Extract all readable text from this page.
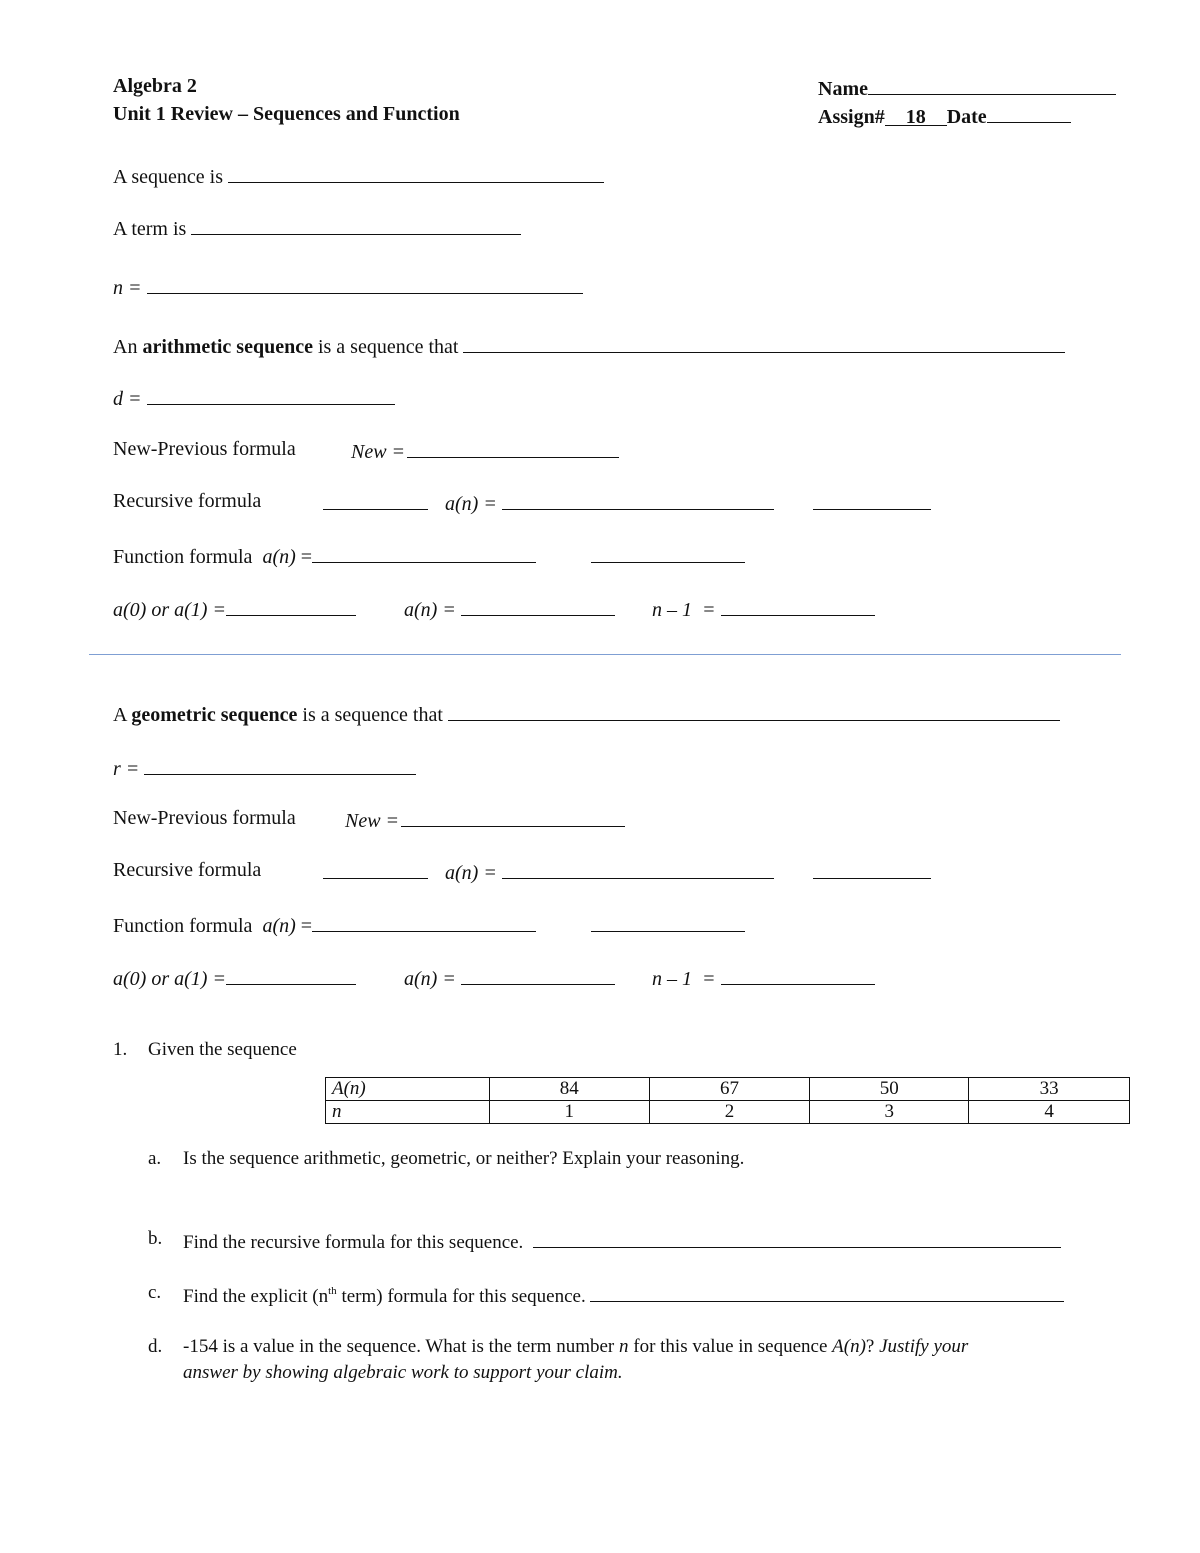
Algebra 2
Unit 1 Review – Sequences and Function
Name
Assign# 18 Date
A sequence is
A term is
n =
An arithmetic sequence is a sequence that
d =
New-Previous formula	New =
Recursive formula	a(n) =
Function formula a(n) =
a(0) or a(1) =	a(n) =	n – 1 =
A geometric sequence is a sequence that
r =
New-Previous formula New =
Recursive formula	a(n) =
Function formula a(n) =
a(0) or a(1) =	a(n) =	n – 1 =
1. Given the sequence
A(n)	84	67	50	33
n	1	2	3	4
a. Is the sequence arithmetic, geometric, or neither? Explain your reasoning.
b. Find the recursive formula for this sequence.
c. Find the explicit ($n^{th}$ term) formula for this sequence.
d. -154 is a value in the sequence. What is the term number n for this value in sequence A(n)? Justify your
answer by showing algebraic work to support your claim.
